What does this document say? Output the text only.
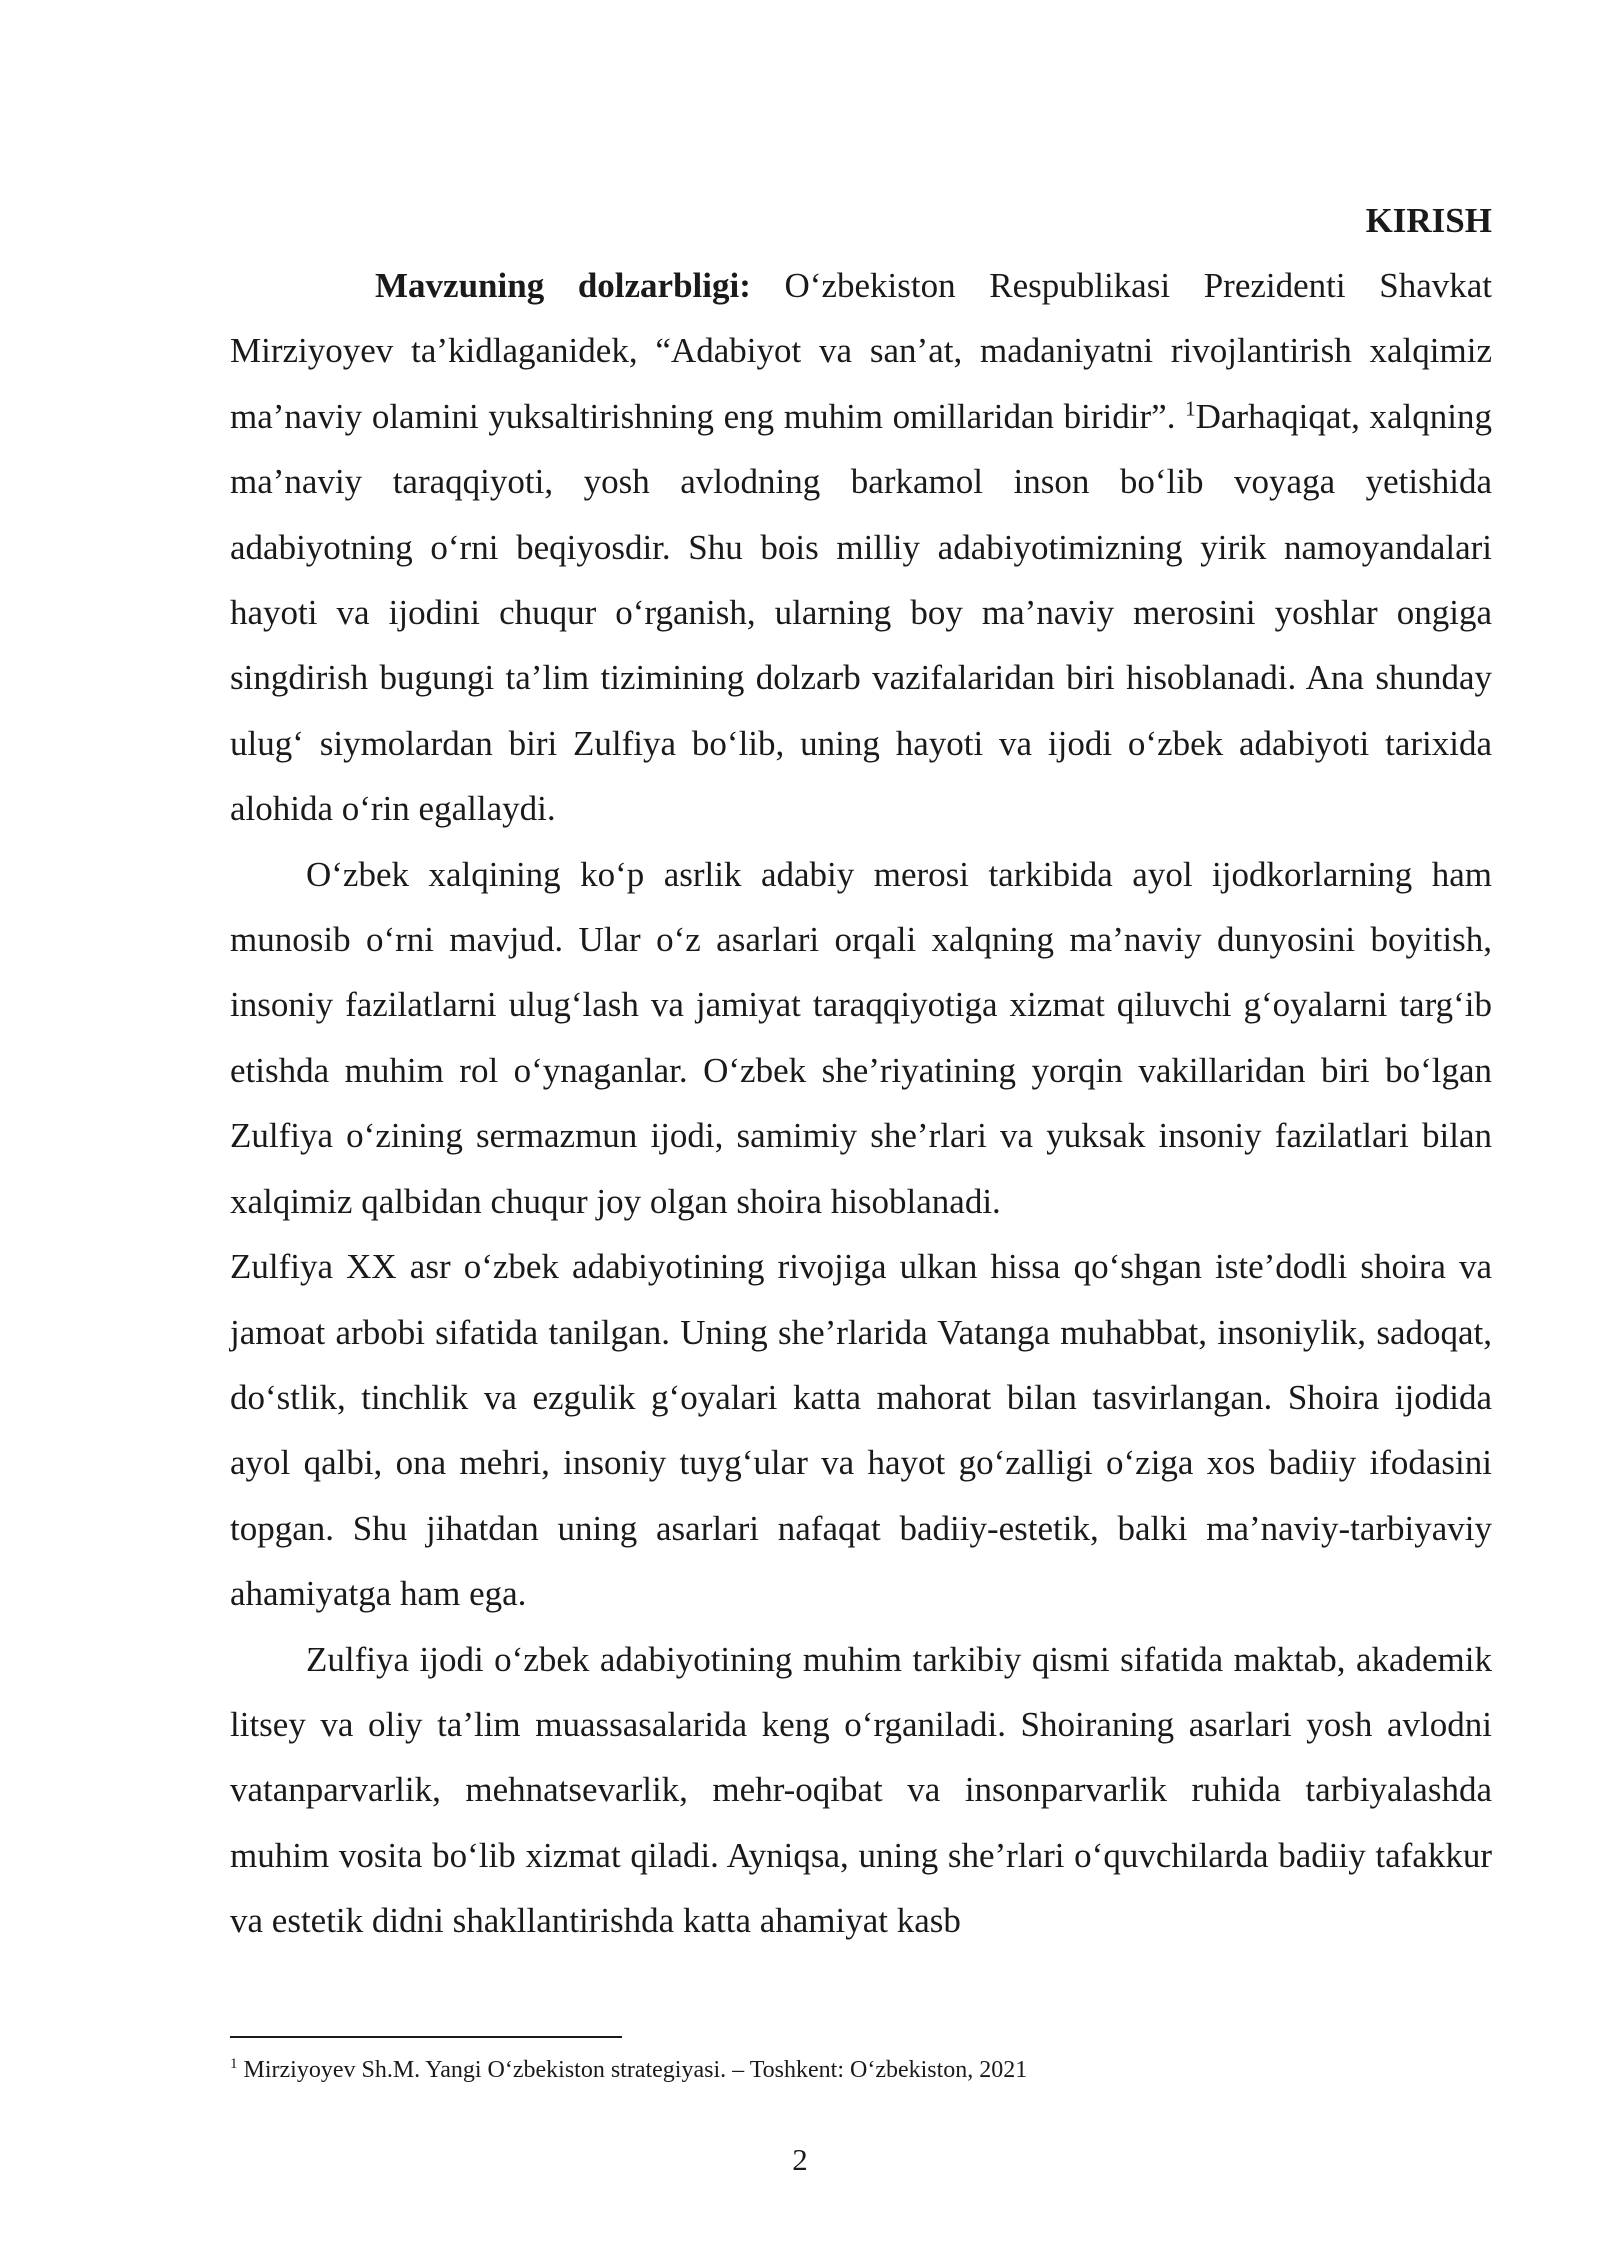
KIRISH

Mavzuning dolzarbligi: O‘zbekiston Respublikasi Prezidenti Shavkat Mirziyoyev ta’kidlaganidek, “Adabiyot va san’at, madaniyatni rivojlantirish xalqimiz ma’naviy olamini yuksaltirishning eng muhim omillaridan biridir”. $^1$Darhaqiqat, xalqning ma’naviy taraqqiyoti, yosh avlodning barkamol inson bo‘lib voyaga yetishida adabiyotning o‘rni beqiyosdir. Shu bois milliy adabiyotimizning yirik namoyandalari hayoti va ijodini chuqur o‘rganish, ularning boy ma’naviy merosini yoshlar ongiga singdirish bugungi ta’lim tizimining dolzarb vazifalaridan biri hisoblanadi. Ana shunday ulug‘ siymolardan biri Zulfiya bo‘lib, uning hayoti va ijodi o‘zbek adabiyoti tarixida alohida o‘rin egallaydi.

O‘zbek xalqining ko‘p asrlik adabiy merosi tarkibida ayol ijodkorlarning ham munosib o‘rni mavjud. Ular o‘z asarlari orqali xalqning ma’naviy dunyosini boyitish, insoniy fazilatlarni ulug‘lash va jamiyat taraqqiyotiga xizmat qiluvchi g‘oyalarni targ‘ib etishda muhim rol o‘ynaganlar. O‘zbek she’riyatining yorqin vakillaridan biri bo‘lgan Zulfiya o‘zining sermazmun ijodi, samimiy she’rlari va yuksak insoniy fazilatlari bilan xalqimiz qalbidan chuqur joy olgan shoira hisoblanadi.

Zulfiya XX asr o‘zbek adabiyotining rivojiga ulkan hissa qo‘shgan iste’dodli shoira va jamoat arbobi sifatida tanilgan. Uning she’rlarida Vatanga muhabbat, insoniylik, sadoqat, do‘stlik, tinchlik va ezgulik g‘oyalari katta mahorat bilan tasvirlangan. Shoira ijodida ayol qalbi, ona mehri, insoniy tuyg‘ular va hayot go‘zalligi o‘ziga xos badiiy ifodasini topgan. Shu jihatdan uning asarlari nafaqat badiiy-estetik, balki ma’naviy-tarbiyaviy ahamiyatga ham ega.

Zulfiya ijodi o‘zbek adabiyotining muhim tarkibiy qismi sifatida maktab, akademik litsey va oliy ta’lim muassasalarida keng o‘rganiladi. Shoiraning asarlari yosh avlodni vatanparvarlik, mehnatsevarlik, mehr-oqibat va insonparvarlik ruhida tarbiyalashda muhim vosita bo‘lib xizmat qiladi. Ayniqsa, uning she’rlari o‘quvchilarda badiiy tafakkur va estetik didni shakllantirishda katta ahamiyat kasb

$^1$ Mirziyoyev Sh.M. Yangi O‘zbekiston strategiyasi. – Toshkent: O‘zbekiston, 2021

2
